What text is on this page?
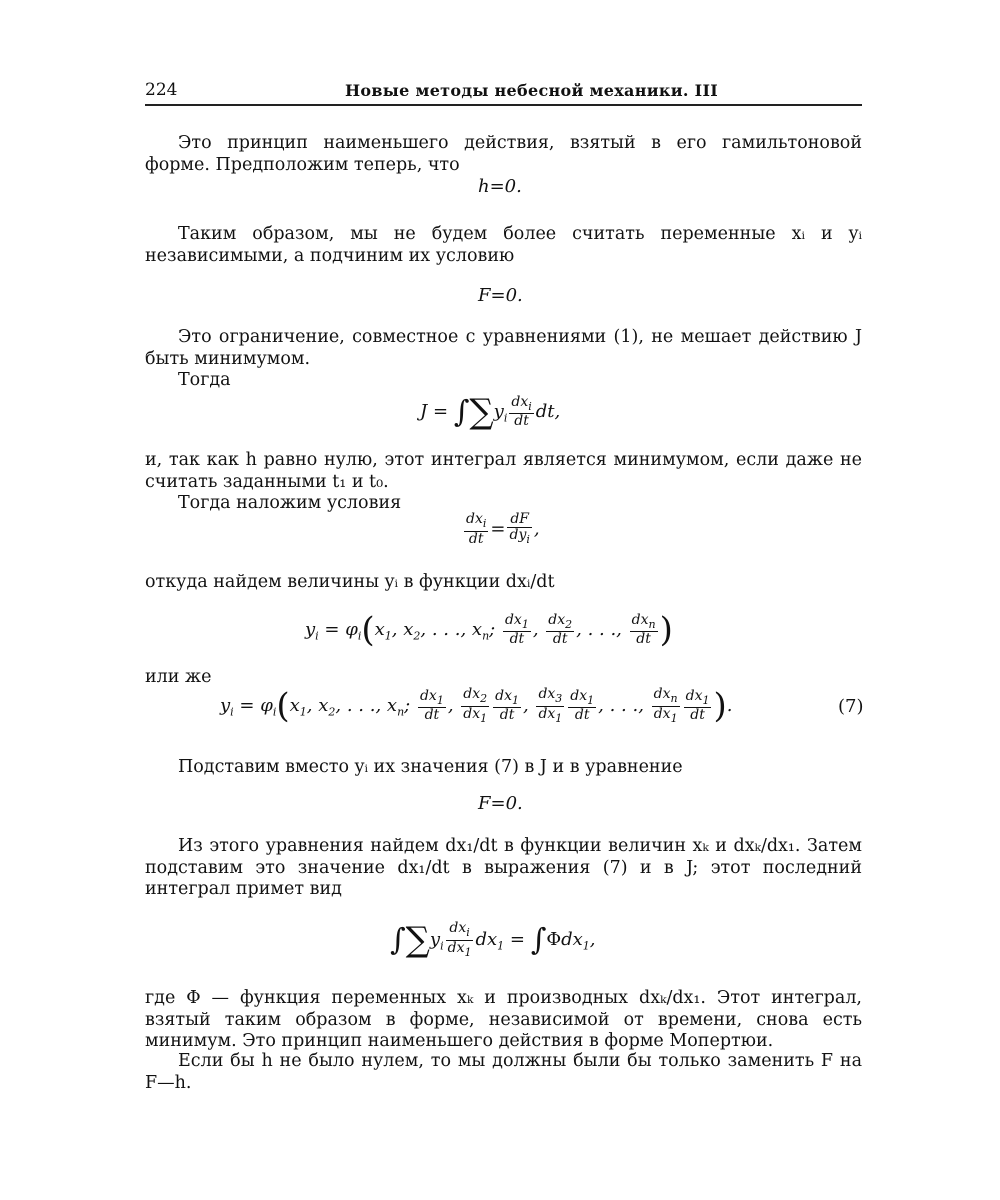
224	Новые методы небесной механики. III
Это принцип наименьшего действия, взятый в его гамильтоновой форме. Предположим теперь, что
h=0.
Таким образом, мы не будем более считать переменные xᵢ и yᵢ независимыми, а подчиним их условию
F=0.
Это ограничение, совместное с уравнениями (1), не мешает действию J быть минимумом.
Тогда
$J = \int\sum y_i \frac{dx_i}{dt}$ dt,
и, так как h равно нулю, этот интеграл является минимумом, если даже не считать заданными t₁ и t₀.
Тогда наложим условия
$\frac{dx_i}{dt} = \frac{dF}{dy_i}$ ,
откуда найдем величины yᵢ в функции dxᵢ/dt
$y_i = \varphi_i(x_1$, $x_2$, . . ., $x_n$; $\frac{dx_1}{dt}$ , $\frac{dx_2}{dt}$ , . . ., $\frac{dx_n}{dt}$ )
или же
$y_i = \varphi_i(x_1$, $x_2$, . . ., $x_n$; $\frac{dx_1}{dt}$ , $\frac{dx_2}{dx_1} \frac{dx_1}{dt}$ , $\frac{dx_3}{dx_1} \frac{dx_1}{dt}$ , . . ., $\frac{dx_n}{dx_1} \frac{dx_1}{dt}$ ).	(7)
Подставим вместо yᵢ их значения (7) в J и в уравнение
F=0.
Из этого уравнения найдем dx₁/dt в функции величин xₖ и dxₖ/dx₁. Затем подставим это значение dx₁/dt в выражения (7) и в J; этот последний интеграл примет вид
$\int\sum y_i \frac{dx_i}{dx_1} dx_1 = \int\Phi dx_1$,
где Φ — функция переменных xₖ и производных dxₖ/dx₁. Этот интеграл, взятый таким образом в форме, независимой от времени, снова есть минимум. Это принцип наименьшего действия в форме Мопертюи.
Если бы h не было нулем, то мы должны были бы только заменить F на F—h.
